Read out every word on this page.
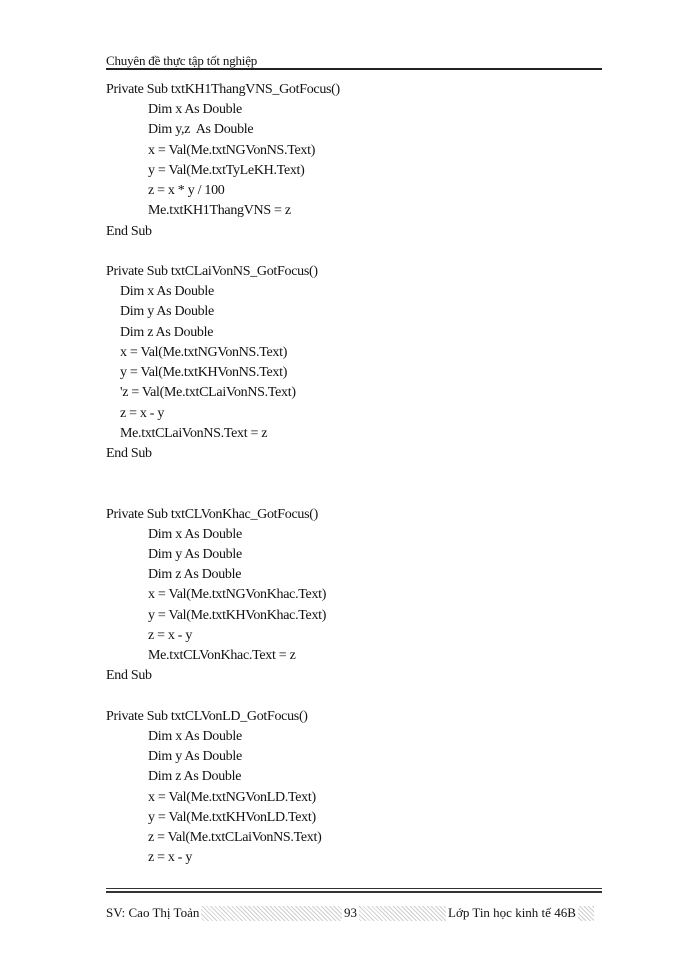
Chuyên đề thực tập tốt nghiệp
Private Sub txtKH1ThangVNS_GotFocus()
Dim x As Double
Dim y,z  As Double
x = Val(Me.txtNGVonNS.Text)
y = Val(Me.txtTyLeKH.Text)
z = x * y / 100
Me.txtKH1ThangVNS = z
End Sub
Private Sub txtCLaiVonNS_GotFocus()
Dim x As Double
Dim y As Double
Dim z As Double
x = Val(Me.txtNGVonNS.Text)
y = Val(Me.txtKHVonNS.Text)
'z = Val(Me.txtCLaiVonNS.Text)
z = x - y
Me.txtCLaiVonNS.Text = z
End Sub
Private Sub txtCLVonKhac_GotFocus()
Dim x As Double
Dim y As Double
Dim z As Double
x = Val(Me.txtNGVonKhac.Text)
y = Val(Me.txtKHVonKhac.Text)
z = x - y
Me.txtCLVonKhac.Text = z
End Sub
Private Sub txtCLVonLD_GotFocus()
Dim x As Double
Dim y As Double
Dim z As Double
x = Val(Me.txtNGVonLD.Text)
y = Val(Me.txtKHVonLD.Text)
z = Val(Me.txtCLaiVonNS.Text)
z = x - y
SV: Cao Thị Toản	93	Lớp Tin học kinh tế 46B
